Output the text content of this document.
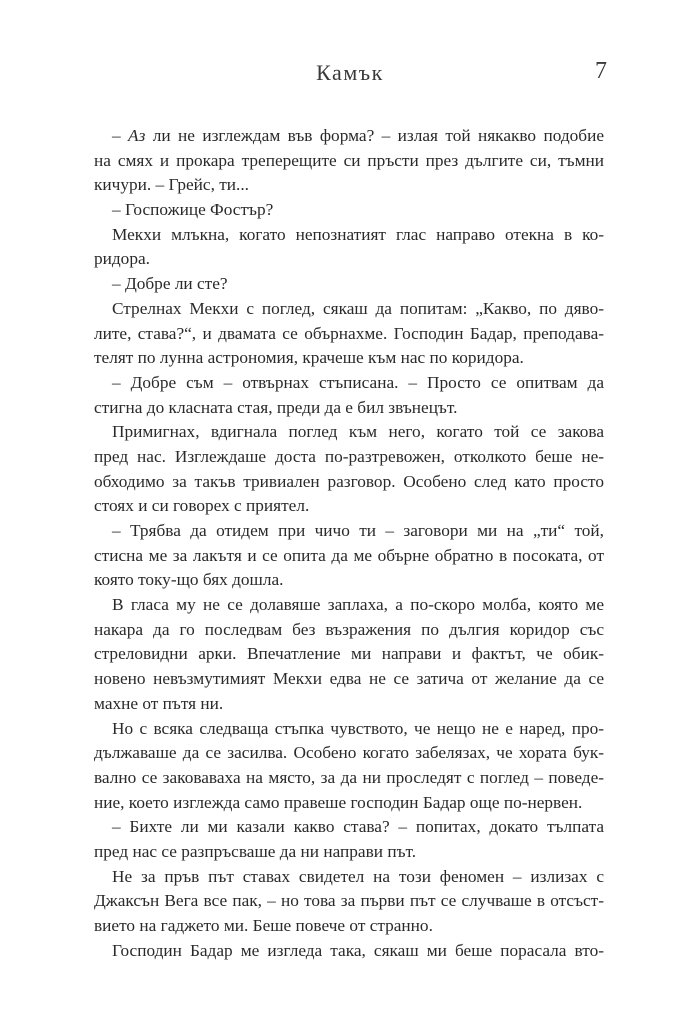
Камък	7
– Аз ли не изглеждам във форма? – излая той някакво подобие
на смях и прокара треперещите си пръсти през дългите си, тъмни
кичури. – Грейс, ти...
– Госпожице Фостър?
Мекхи млъкна, когато непознатият глас направо отекна в ко-
ридора.
– Добре ли сте?
Стрелнах Мекхи с поглед, сякаш да попитам: „Какво, по дяво-
лите, става?“, и двамата се обърнахме. Господин Бадар, преподава-
телят по лунна астрономия, крачеше към нас по коридора.
– Добре съм – отвърнах стъписана. – Просто се опитвам да
стигна до класната стая, преди да е бил звънецът.
Примигнах, вдигнала поглед към него, когато той се закова
пред нас. Изглеждаше доста по-разтревожен, отколкото беше не-
обходимо за такъв тривиален разговор. Особено след като просто
стоях и си говорех с приятел.
– Трябва да отидем при чичо ти – заговори ми на „ти“ той,
стисна ме за лакътя и се опита да ме обърне обратно в посоката, от
която току-що бях дошла.
В гласа му не се долавяше заплаха, а по-скоро молба, която ме
накара да го последвам без възражения по дългия коридор със
стреловидни арки. Впечатление ми направи и фактът, че обик-
новено невъзмутимият Мекхи едва не се затича от желание да се
махне от пътя ни.
Но с всяка следваща стъпка чувството, че нещо не е наред, про-
дължаваше да се засилва. Особено когато забелязах, че хората бук-
вално се заковаваха на място, за да ни проследят с поглед – поведе-
ние, което изглежда само правеше господин Бадар още по-нервен.
– Бихте ли ми казали какво става? – попитах, докато тълпата
пред нас се разпръсваше да ни направи път.
Не за пръв път ставах свидетел на този феномен – излизах с
Джаксън Вега все пак, – но това за първи път се случваше в отсъст-
вието на гаджето ми. Беше повече от странно.
Господин Бадар ме изгледа така, сякаш ми беше порасала вто-
